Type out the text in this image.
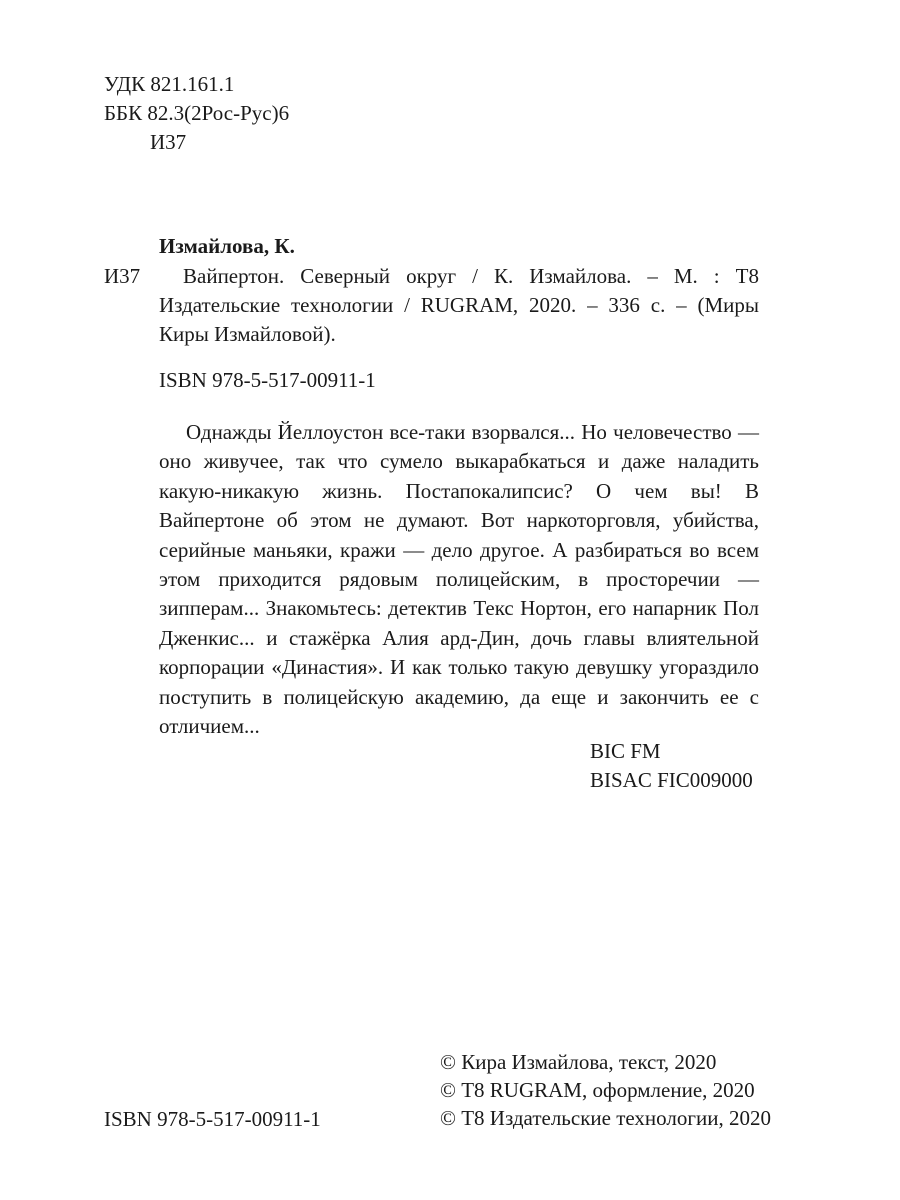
УДК 821.161.1
ББК 82.3(2Рос-Рус)6
И37

Измайлова, К.

И37	Вайпертон. Северный округ / К. Измайлова. – М. : Т8 Издательские технологии / RUGRAM, 2020. – 336 с. – (Миры Киры Измайловой).

ISBN 978-5-517-00911-1

Однажды Йеллоустон все-таки взорвался... Но человечество — оно живучее, так что сумело выкарабкаться и даже наладить какую-никакую жизнь. Постапокалипсис? О чем вы! В Вайпертоне об этом не думают. Вот наркоторговля, убийства, серийные маньяки, кражи — дело другое. А разбираться во всем этом приходится рядовым полицейским, в просторечии — зипперам... Знакомьтесь: детектив Текс Нортон, его напарник Пол Дженкис... и стажёрка Алия ард-Дин, дочь главы влиятельной корпорации «Династия». И как только такую девушку угораздило поступить в полицейскую академию, да еще и закончить ее с отличием...

BIC FM
BISAC FIC009000

ISBN 978-5-517-00911-1

© Кира Измайлова, текст, 2020
© Т8 RUGRAM, оформление, 2020
© Т8 Издательские технологии, 2020
